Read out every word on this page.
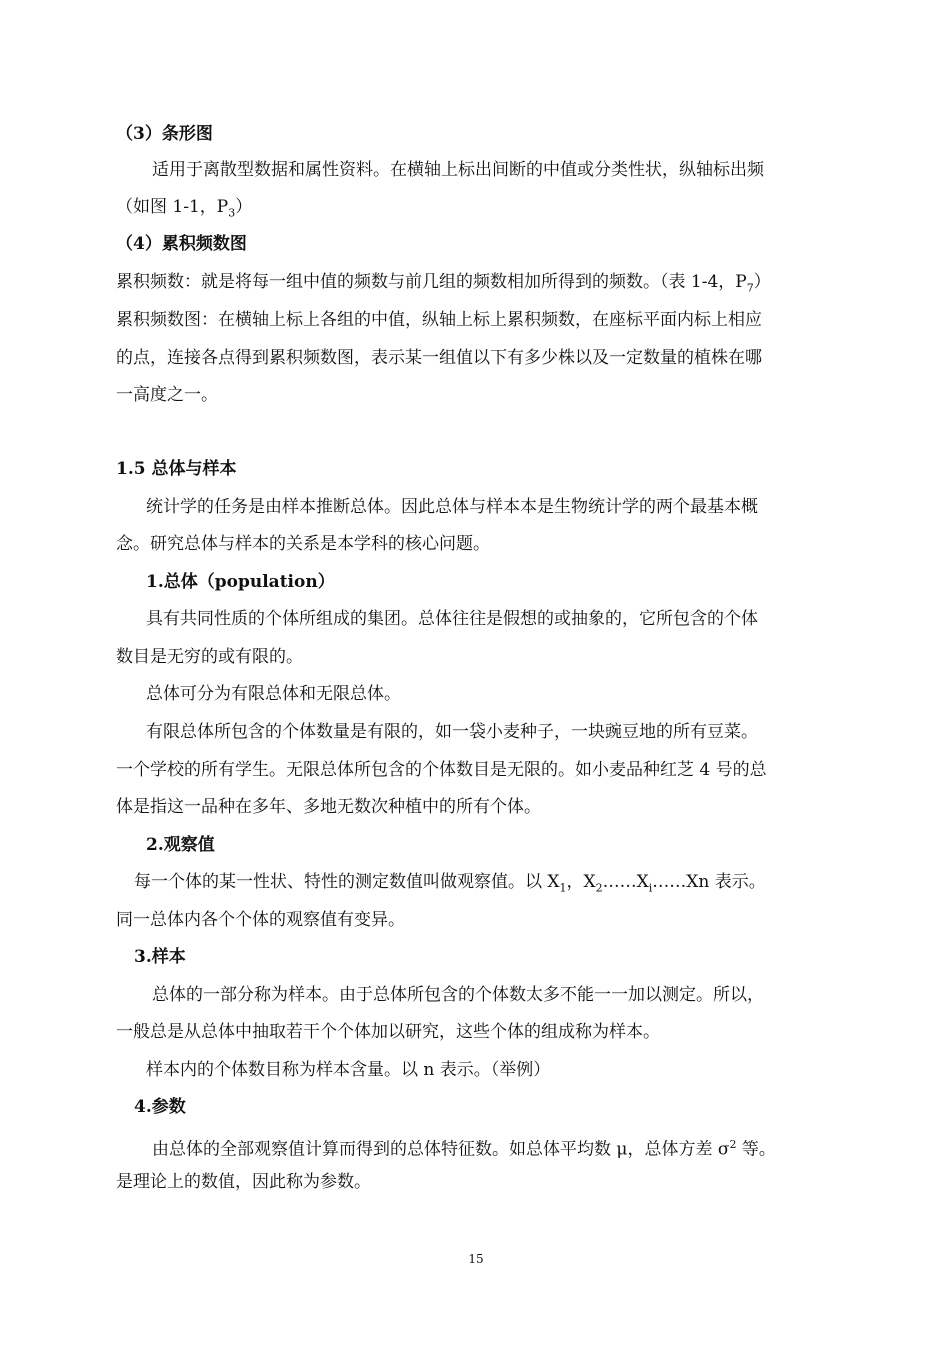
（3）条形图
适用于离散型数据和属性资料。在横轴上标出间断的中值或分类性状，纵轴标出频
（如图 1-1，$P_3$）
（4）累积频数图
累积频数：就是将每一组中值的频数与前几组的频数相加所得到的频数。（表 1-4，$P_7$）
累积频数图：在横轴上标上各组的中值，纵轴上标上累积频数，在座标平面内标上相应
的点，连接各点得到累积频数图，表示某一组值以下有多少株以及一定数量的植株在哪
一高度之一。
1.5 总体与样本
统计学的任务是由样本推断总体。因此总体与样本本是生物统计学的两个最基本概
念。研究总体与样本的关系是本学科的核心问题。
1.总体（population）
具有共同性质的个体所组成的集团。总体往往是假想的或抽象的，它所包含的个体
数目是无穷的或有限的。
总体可分为有限总体和无限总体。
有限总体所包含的个体数量是有限的，如一袋小麦种子，一块豌豆地的所有豆菜。
一个学校的所有学生。无限总体所包含的个体数目是无限的。如小麦品种红芝 4 号的总
体是指这一品种在多年、多地无数次种植中的所有个体。
2.观察值
每一个体的某一性状、特性的测定数值叫做观察值。以 $X_1$，$X_2\dots\dots X_i\dots\dots Xn$ 表示。
同一总体内各个个体的观察值有变异。
3.样本
总体的一部分称为样本。由于总体所包含的个体数太多不能一一加以测定。所以，
一般总是从总体中抽取若干个个体加以研究，这些个体的组成称为样本。
样本内的个体数目称为样本含量。以 n 表示。（举例）
4.参数
由总体的全部观察值计算而得到的总体特征数。如总体平均数 μ，总体方差 $\sigma^2$ 等。
是理论上的数值，因此称为参数。
15
